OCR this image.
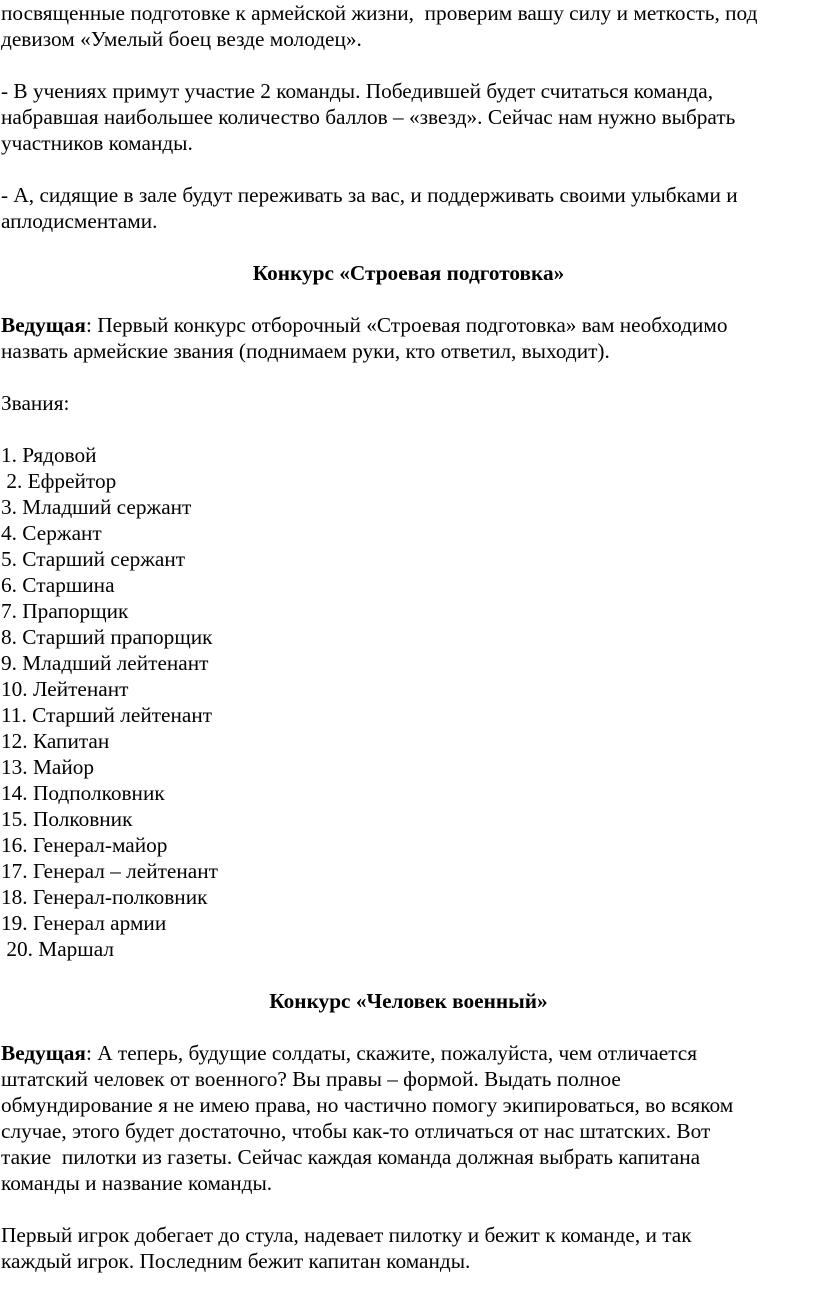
посвященные подготовке к армейской жизни,  проверим вашу силу и меткость, под

девизом «Умелый боец везде молодец».

- В учениях примут участие 2 команды. Победившей будет считаться команда,

набравшая наибольшее количество баллов – «звезд». Сейчас нам нужно выбрать

участников команды.

- А, сидящие в зале будут переживать за вас, и поддерживать своими улыбками и

аплодисментами.

Конкурс «Строевая подготовка»

Ведущая: Первый конкурс отборочный «Строевая подготовка» вам необходимо

назвать армейские звания (поднимаем руки, кто ответил, выходит).

Звания:

1. Рядовой
2. Ефрейтор
3. Младший сержант
4. Сержант
5. Старший сержант
6. Старшина
7. Прапорщик
8. Старший прапорщик
9. Младший лейтенант
10. Лейтенант
11. Старший лейтенант
12. Капитан
13. Майор
14. Подполковник
15. Полковник
16. Генерал-майор
17. Генерал – лейтенант
18. Генерал-полковник
19. Генерал армии
20. Маршал

Конкурс «Человек военный»

Ведущая: А теперь, будущие солдаты, скажите, пожалуйста, чем отличается

штатский человек от военного? Вы правы – формой. Выдать полное

обмундирование я не имею права, но частично помогу экипироваться, во всяком

случае, этого будет достаточно, чтобы как-то отличаться от нас штатских. Вот

такие  пилотки из газеты. Сейчас каждая команда должная выбрать капитана

команды и название команды.

Первый игрок добегает до стула, надевает пилотку и бежит к команде, и так

каждый игрок. Последним бежит капитан команды.
